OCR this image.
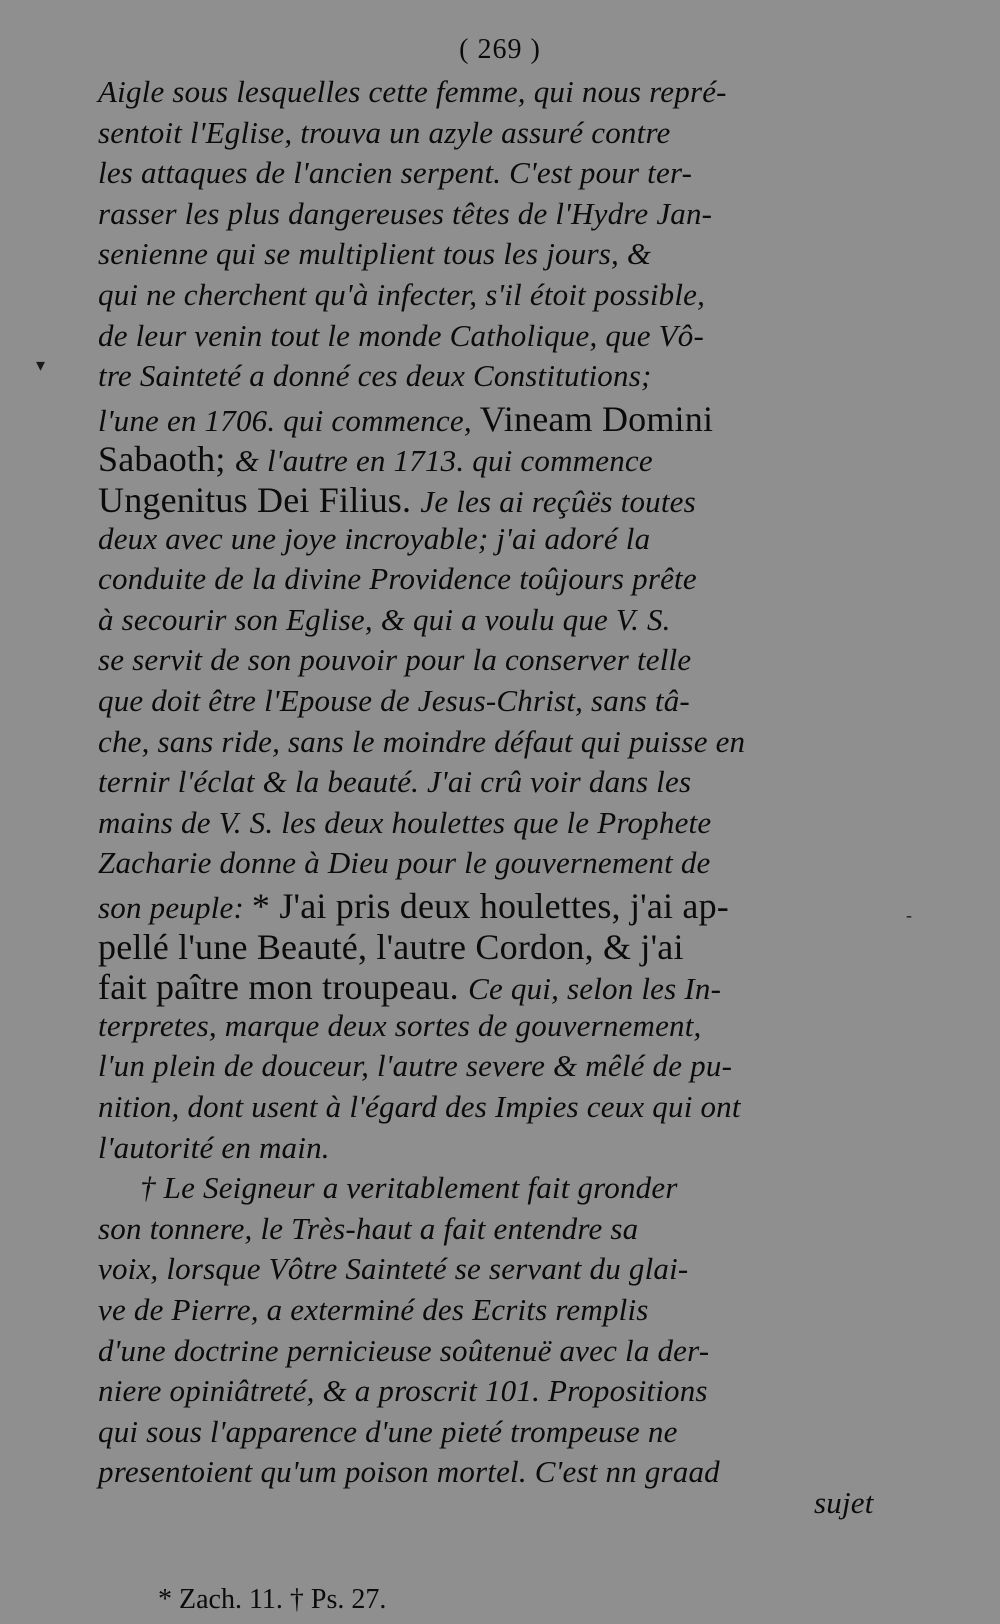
( 269 )
Aigle sous lesquelles cette femme, qui nous repré-
sentoit l'Eglise, trouva un azyle assuré contre
les attaques de l'ancien serpent. C'est pour ter-
rasser les plus dangereuses têtes de l'Hydre Jan-
senienne qui se multiplient tous les jours, &
qui ne cherchent qu'à infecter, s'il étoit possible,
de leur venin tout le monde Catholique, que Vô-
tre Sainteté a donné ces deux Constitutions;
l'une en 1706. qui commence, Vineam Domini
Sabaoth; & l'autre en 1713. qui commence
Ungenitus Dei Filius. Je les ai reçûës toutes
deux avec une joye incroyable; j'ai adoré la
conduite de la divine Providence toûjours prête
à secourir son Eglise, & qui a voulu que V. S.
se servit de son pouvoir pour la conserver telle
que doit être l'Epouse de Jesus-Christ, sans tâ-
che, sans ride, sans le moindre défaut qui puisse en
ternir l'éclat & la beauté. J'ai crû voir dans les
mains de V. S. les deux houlettes que le Prophete
Zacharie donne à Dieu pour le gouvernement de
son peuple: * J'ai pris deux houlettes, j'ai ap-
pellé l'une Beauté, l'autre Cordon, & j'ai
fait paître mon troupeau. Ce qui, selon les In-
terpretes, marque deux sortes de gouvernement,
l'un plein de douceur, l'autre severe & mêlé de pu-
nition, dont usent à l'égard des Impies ceux qui ont
l'autorité en main.
† Le Seigneur a veritablement fait gronder
son tonnere, le Très-haut a fait entendre sa
voix, lorsque Vôtre Sainteté se servant du glai-
ve de Pierre, a exterminé des Ecrits remplis
d'une doctrine pernicieuse soûtenuë avec la der-
niere opiniâtreté, & a proscrit 101. Propositions
qui sous l'apparence d'une pieté trompeuse ne
presentoient qu'um poison mortel. C'est nn graad
sujet
* Zach. 11. † Ps. 27.
▾
‑
